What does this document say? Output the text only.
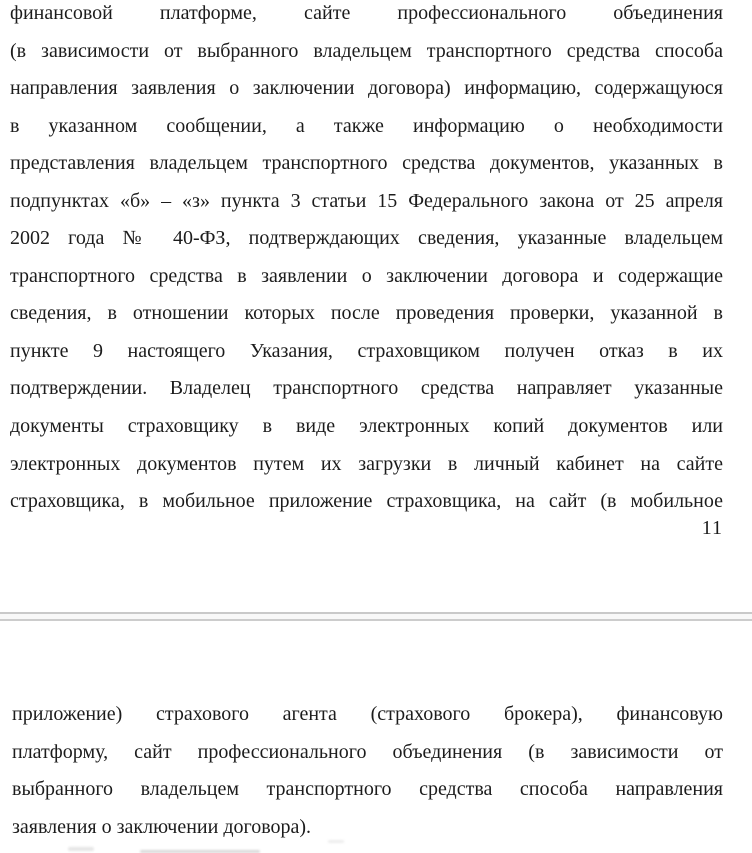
финансовой платформе, сайте профессионального объединения
(в зависимости от выбранного владельцем транспортного средства способа
направления заявления о заключении договора) информацию, содержащуюся
в указанном сообщении, а также информацию о необходимости
представления владельцем транспортного средства документов, указанных в
подпунктах «б» – «з» пункта 3 статьи 15 Федерального закона от 25 апреля
2002 года № 40-ФЗ, подтверждающих сведения, указанные владельцем
транспортного средства в заявлении о заключении договора и содержащие
сведения, в отношении которых после проведения проверки, указанной в
пункте 9 настоящего Указания, страховщиком получен отказ в их
подтверждении. Владелец транспортного средства направляет указанные
документы страховщику в виде электронных копий документов или
электронных документов путем их загрузки в личный кабинет на сайте
страховщика, в мобильное приложение страховщика, на сайт (в мобильное
11
приложение) страхового агента (страхового брокера), финансовую
платформу, сайт профессионального объединения (в зависимости от
выбранного владельцем транспортного средства способа направления
заявления о заключении договора).
